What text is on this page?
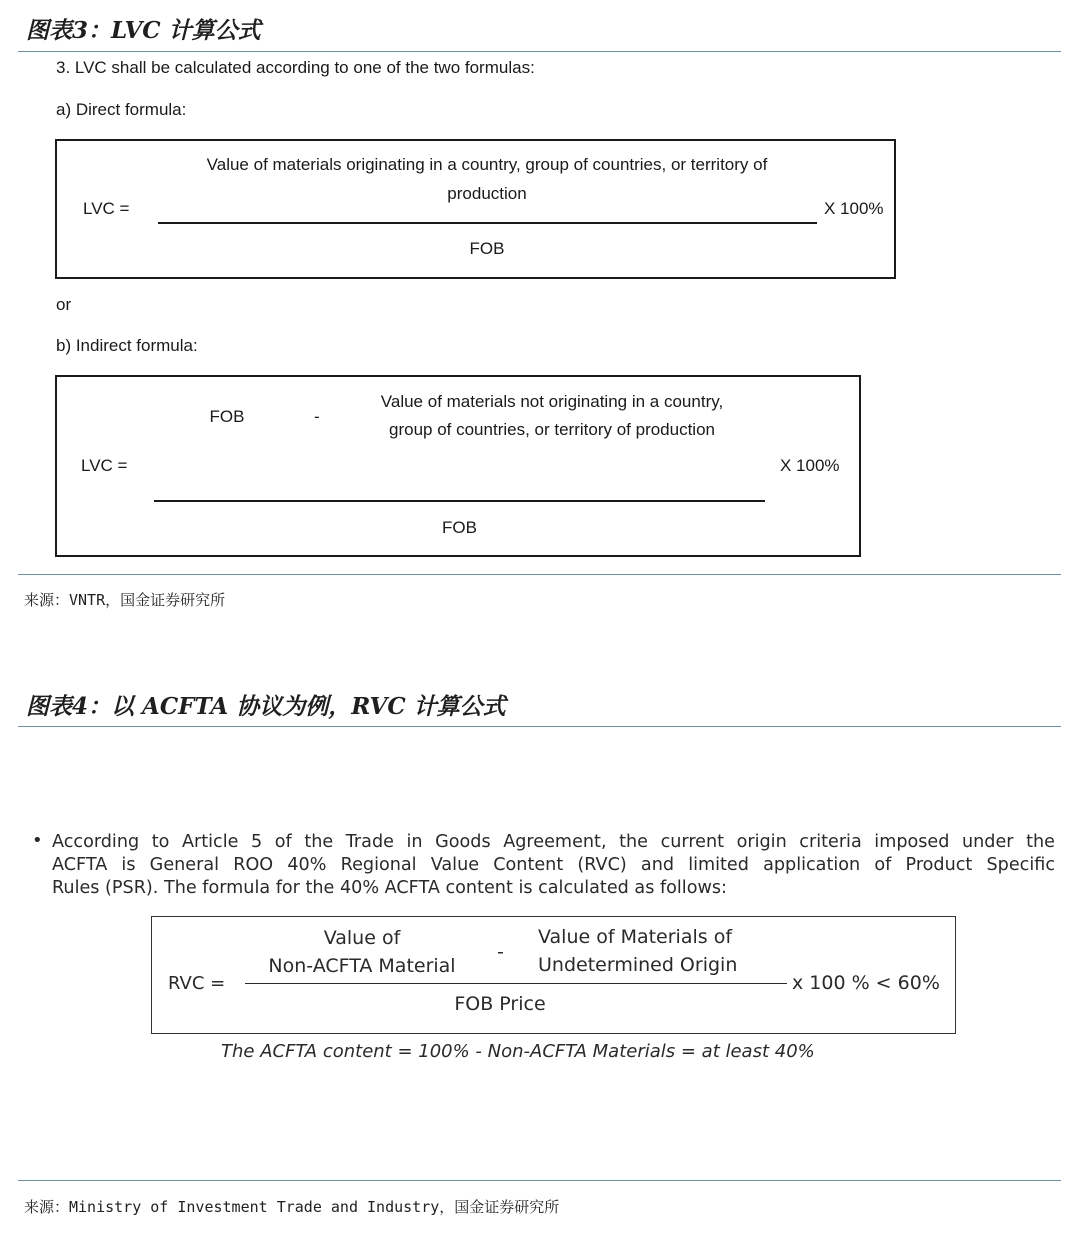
图表3：LVC 计算公式
3. LVC shall be calculated according to one of the two formulas:
a) Direct formula:
LVC =
Value of materials originating in a country, group of countries, or territory of
production
FOB
X 100%
or
b) Indirect formula:
LVC =
FOB	-
Value of materials not originating in a country,
group of countries, or territory of production
FOB
X 100%
来源：VNTR，国金证券研究所
图表4：以 ACFTA 协议为例，RVC 计算公式
• According to Article 5 of the Trade in Goods Agreement, the current origin criteria imposed under the
ACFTA is General ROO 40% Regional Value Content (RVC) and limited application of Product Specific
Rules (PSR). The formula for the 40% ACFTA content is calculated as follows:
RVC =
Value of
Non-ACFTA Material
-
Value of Materials of
Undetermined Origin
FOB Price
x 100 % < 60%
The ACFTA content = 100% - Non-ACFTA Materials = at least 40%
来源：Ministry of Investment Trade and Industry，国金证券研究所
